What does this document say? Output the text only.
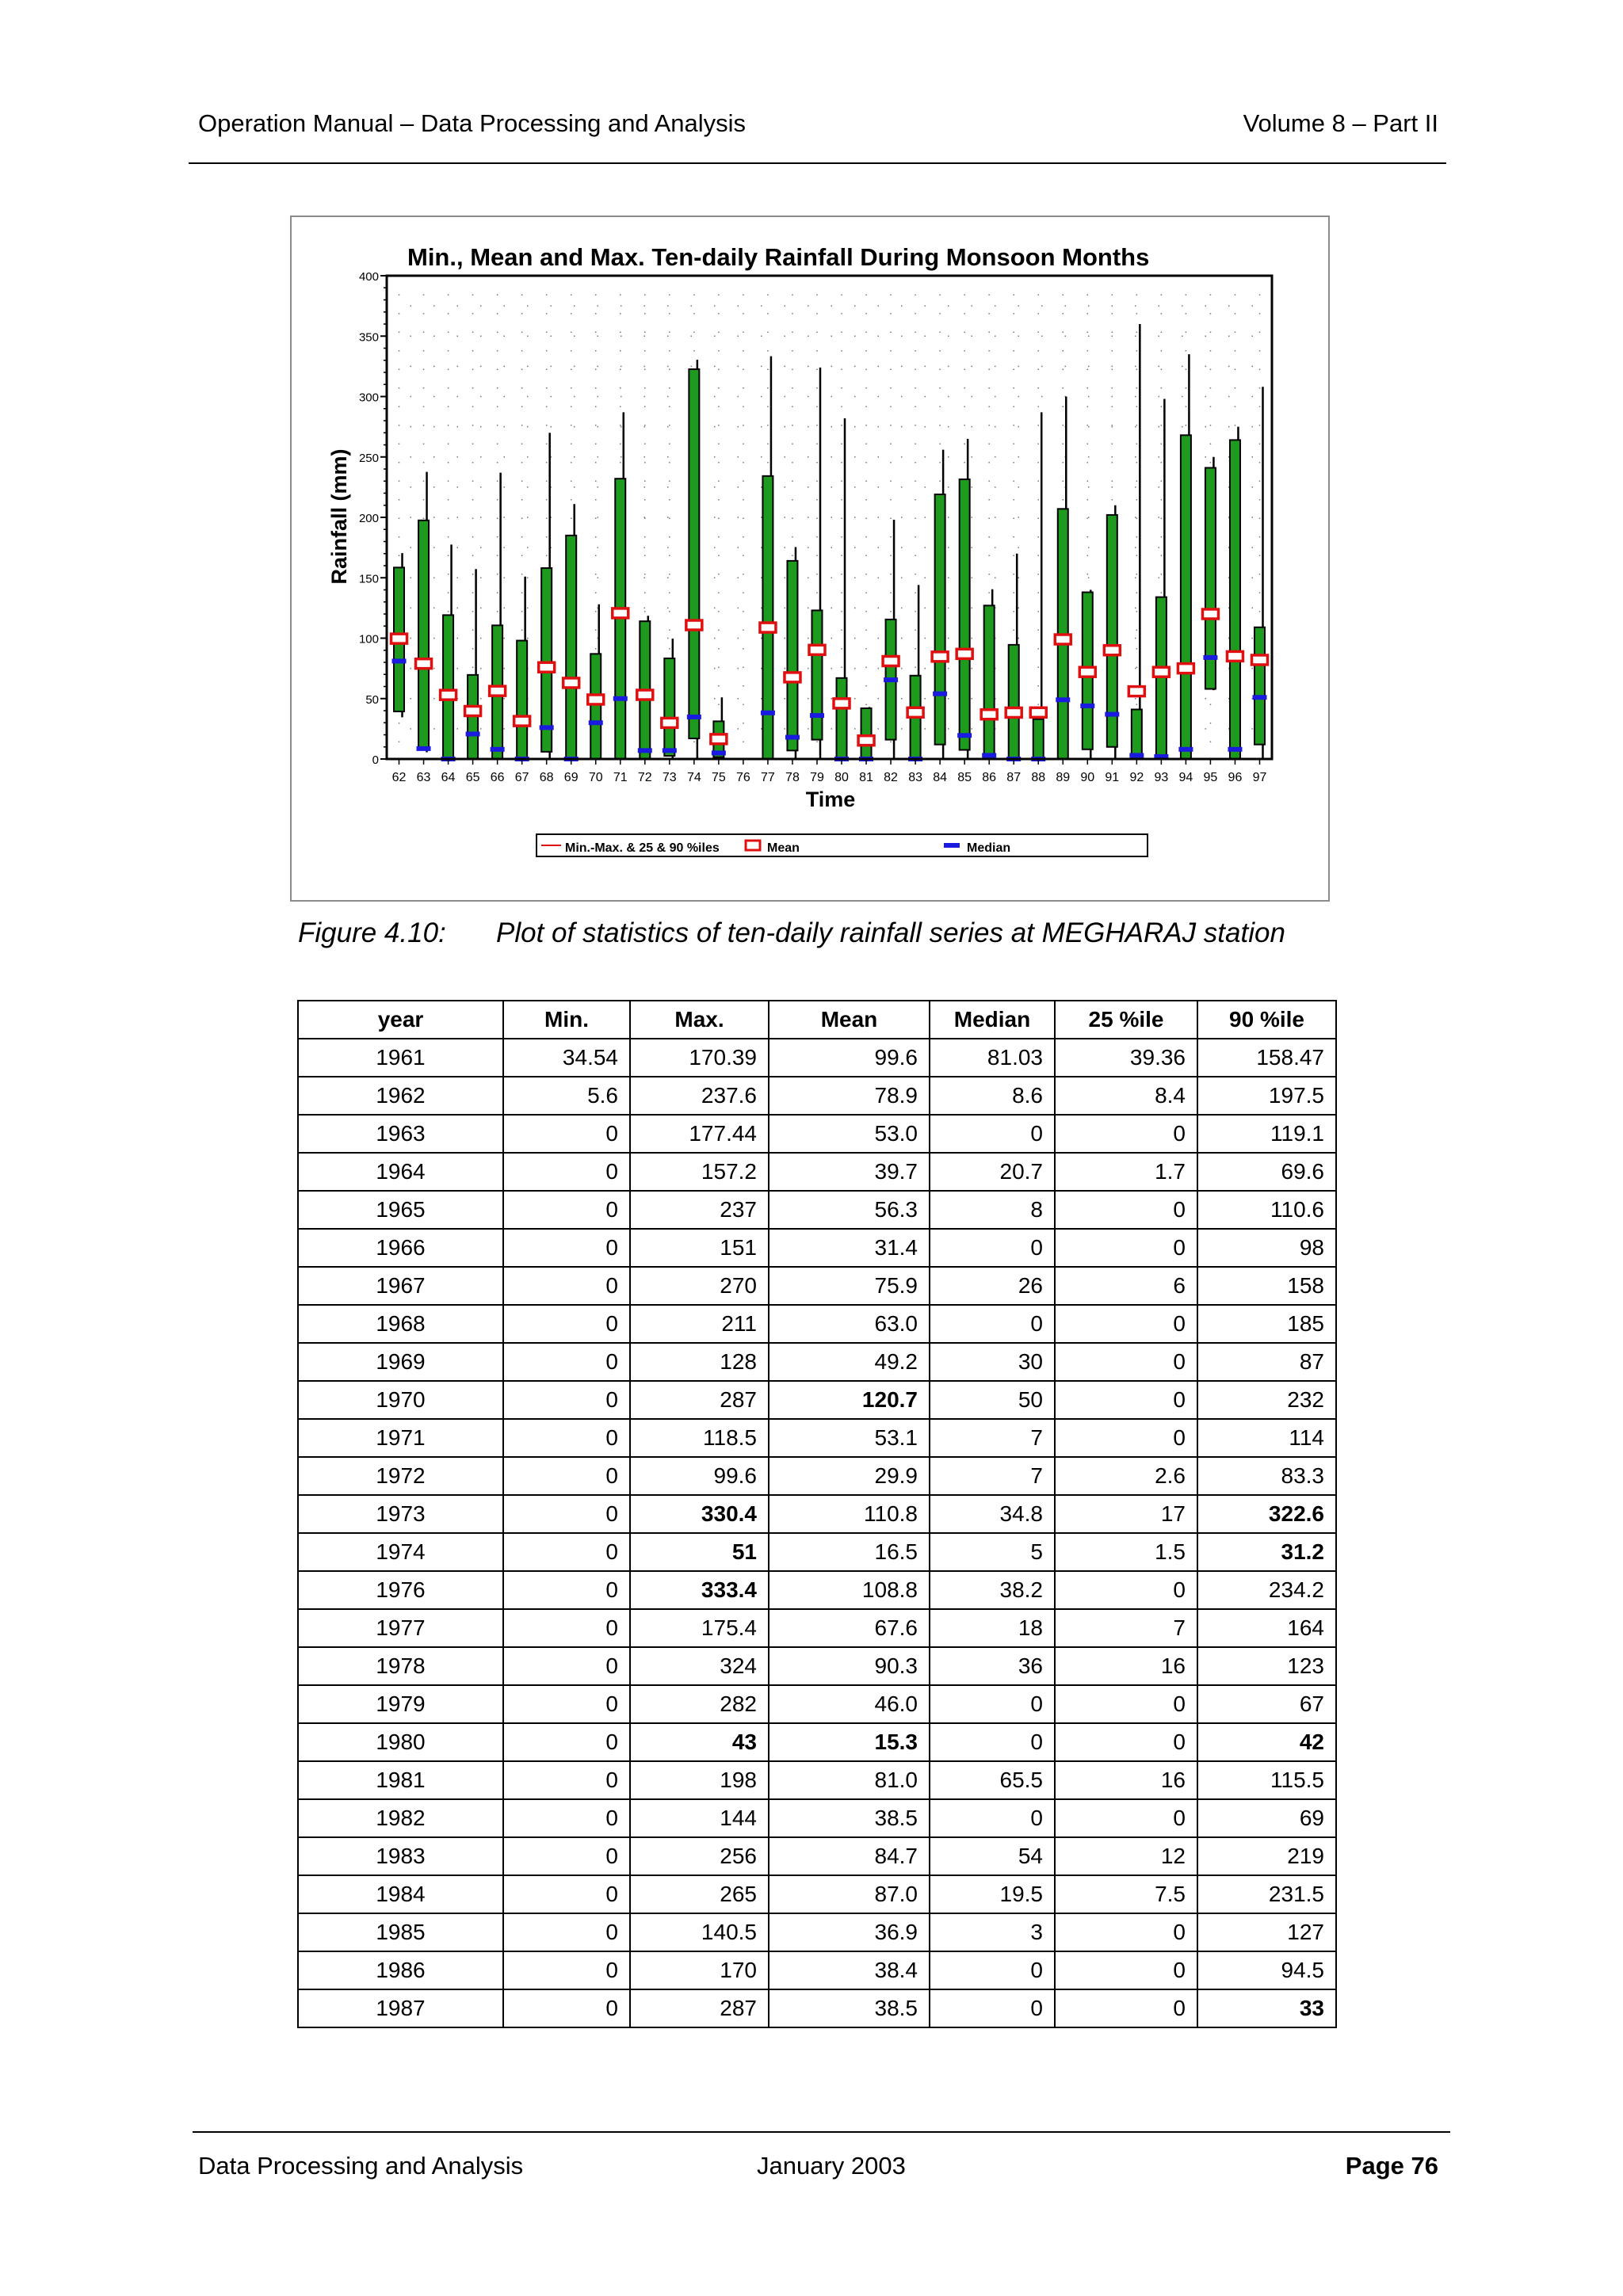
Operation Manual – Data Processing and Analysis	Volume 8 – Part II
0
50
100
150
200
250
300
350
400
62 63 64 65 66 67 68 69 70 71 72 73 74 75 76 77 78 79 80 81 82 83 84 85 86 87 88 89 90 91 92 93 94 95 96 97
Min., Mean and Max. Ten-daily Rainfall During Monsoon Months
Time
Rainfall (mm)
Min.-Max. & 25 & 90 %iles	Mean	Median
Figure 4.10: Plot of statistics of ten-daily rainfall series at MEGHARAJ station
year	Min.	Max.	Mean	Median	25 %ile	90 %ile
1961	34.54	170.39	99.6	81.03	39.36	158.47
1962	5.6	237.6	78.9	8.6	8.4	197.5
1963	0	177.44	53.0	0	0	119.1
1964	0	157.2	39.7	20.7	1.7	69.6
1965	0	237	56.3	8	0	110.6
1966	0	151	31.4	0	0	98
1967	0	270	75.9	26	6	158
1968	0	211	63.0	0	0	185
1969	0	128	49.2	30	0	87
1970	0	287	120.7	50	0	232
1971	0	118.5	53.1	7	0	114
1972	0	99.6	29.9	7	2.6	83.3
1973	0	330.4	110.8	34.8	17	322.6
1974	0	51	16.5	5	1.5	31.2
1976	0	333.4	108.8	38.2	0	234.2
1977	0	175.4	67.6	18	7	164
1978	0	324	90.3	36	16	123
1979	0	282	46.0	0	0	67
1980	0	43	15.3	0	0	42
1981	0	198	81.0	65.5	16	115.5
1982	0	144	38.5	0	0	69
1983	0	256	84.7	54	12	219
1984	0	265	87.0	19.5	7.5	231.5
1985	0	140.5	36.9	3	0	127
1986	0	170	38.4	0	0	94.5
1987	0	287	38.5	0	0	33
Data Processing and Analysis	January 2003	Page 76
